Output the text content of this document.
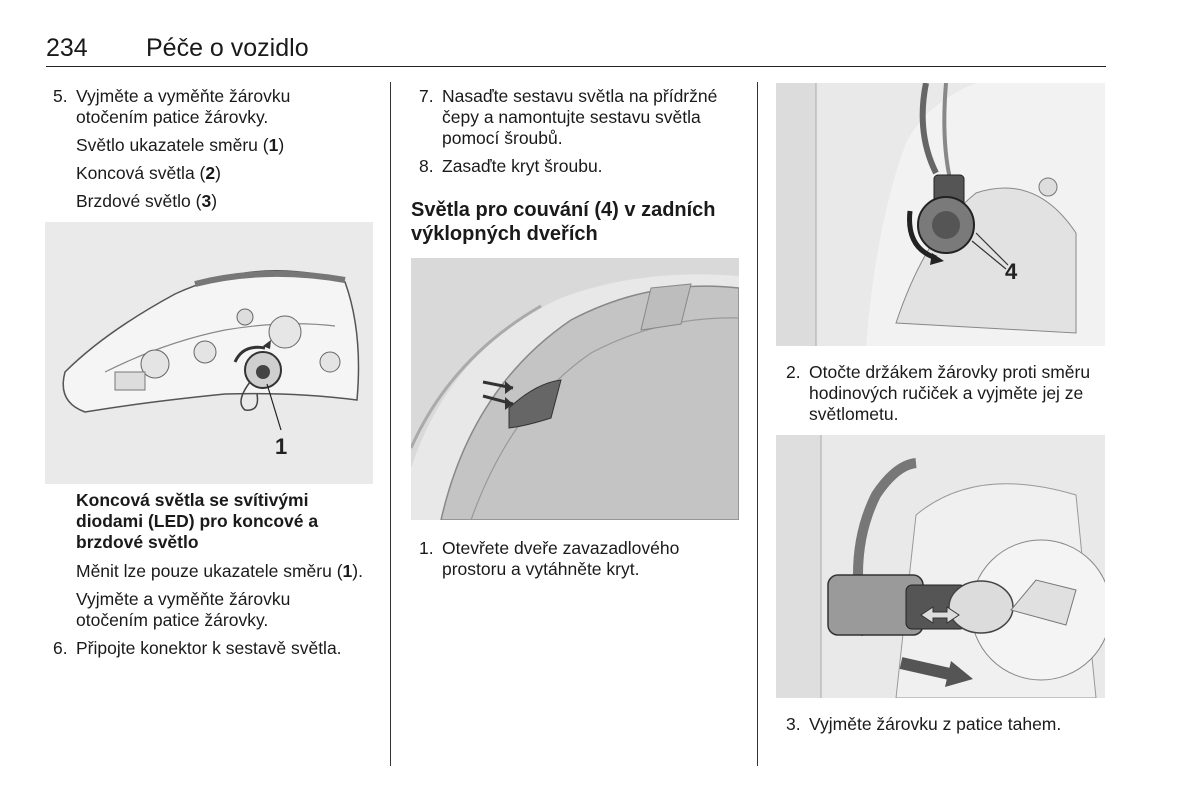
234 Péče o vozidlo
5. Vyjměte a vyměňte žárovku otočením patice žárovky.
Světlo ukazatele směru (1)
Koncová světla (2)
Brzdové světlo (3)
1
Koncová světla se svítivými diodami (LED) pro koncové a brzdové světlo
Měnit lze pouze ukazatele směru (1).
Vyjměte a vyměňte žárovku otočením patice žárovky.
6. Připojte konektor k sestavě světla.
7. Nasaďte sestavu světla na přídržné čepy a namontujte sestavu světla pomocí šroubů.
8. Zasaďte kryt šroubu.
Světla pro couvání (4) v zadních výklopných dveřích
1. Otevřete dveře zavazadlového prostoru a vytáhněte kryt.
4
2. Otočte držákem žárovky proti směru hodinových ručiček a vyjměte jej ze světlometu.
3. Vyjměte žárovku z patice tahem.
